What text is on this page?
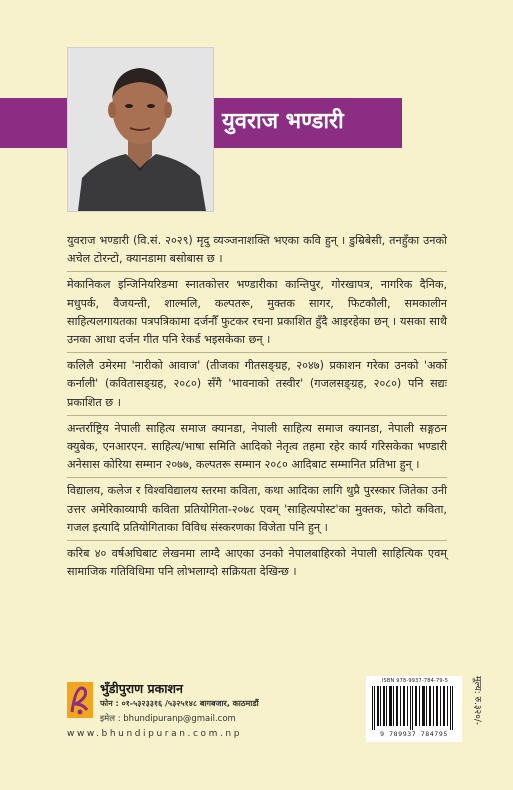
युवराज भण्डारी

युवराज भण्डारी (वि.सं. २०२९) मृदु व्यञ्जनाशक्ति भएका कवि हुन् । डुम्रिबेसी, तनहुँका उनको अचेल टोरन्टो, क्यानडामा बसोबास छ ।

मेकानिकल इन्जिनियरिङमा स्नातकोत्तर भण्डारीका कान्तिपुर, गोरखापत्र, नागरिक दैनिक, मधुपर्क, वैजयन्ती, शाल्मलि, कल्पतरू, मुक्तक सागर, फिटकौली, समकालीन साहित्यलगायतका पत्रपत्रिकामा दर्जनौँ फुटकर रचना प्रकाशित हुँदै आइरहेका छन् । यसका साथै उनका आधा दर्जन गीत पनि रेकर्ड भइसकेका छन् ।

कलिलै उमेरमा 'नारीको आवाज' (तीजका गीतसङ्ग्रह, २०४७) प्रकाशन गरेका उनको 'अर्को कर्नाली' (कवितासङ्ग्रह, २०८०) सँगै 'भावनाको तस्वीर' (गजलसङ्ग्रह, २०८०) पनि सद्यः प्रकाशित छ ।

अन्तर्राष्ट्रिय नेपाली साहित्य समाज क्यानडा, नेपाली साहित्य समाज क्यानडा, नेपाली सङ्गठन क्युबेक, एनआरएन. साहित्य/भाषा समिति आदिको नेतृत्व तहमा रहेर कार्य गरिसकेका भण्डारी अनेसास कोरिया सम्मान २०७७, कल्पतरू सम्मान २०८० आदिबाट सम्मानित प्रतिभा हुन् ।

विद्यालय, कलेज र विश्वविद्यालय स्तरमा कविता, कथा आदिका लागि थुप्रै पुरस्कार जितेका उनी उत्तर अमेरिकाव्यापी कविता प्रतियोगिता-२०७८ एवम् 'साहित्यपोस्ट'का मुक्तक, फोटो कविता, गजल इत्यादि प्रतियोगिताका विविध संस्करणका विजेता पनि हुन् ।

करिब ४० वर्षअघिबाट लेखनमा लाग्दै आएका उनको नेपालबाहिरको नेपाली साहित्यिक एवम् सामाजिक गतिविधिमा पनि लोभलाग्दो सक्रियता देखिन्छ ।

भुँडीपुराण प्रकाशन
फोन : ०१-५३२३३१६ /५३२५१४८ बागबजार, काठमाडौं
इमेल : bhundipuranp@gmail.com
www.bhundipuran.com.np
ISBN 978-9937-784-79-5
9 789937 784795
मूल्य: रु.३२०/-
